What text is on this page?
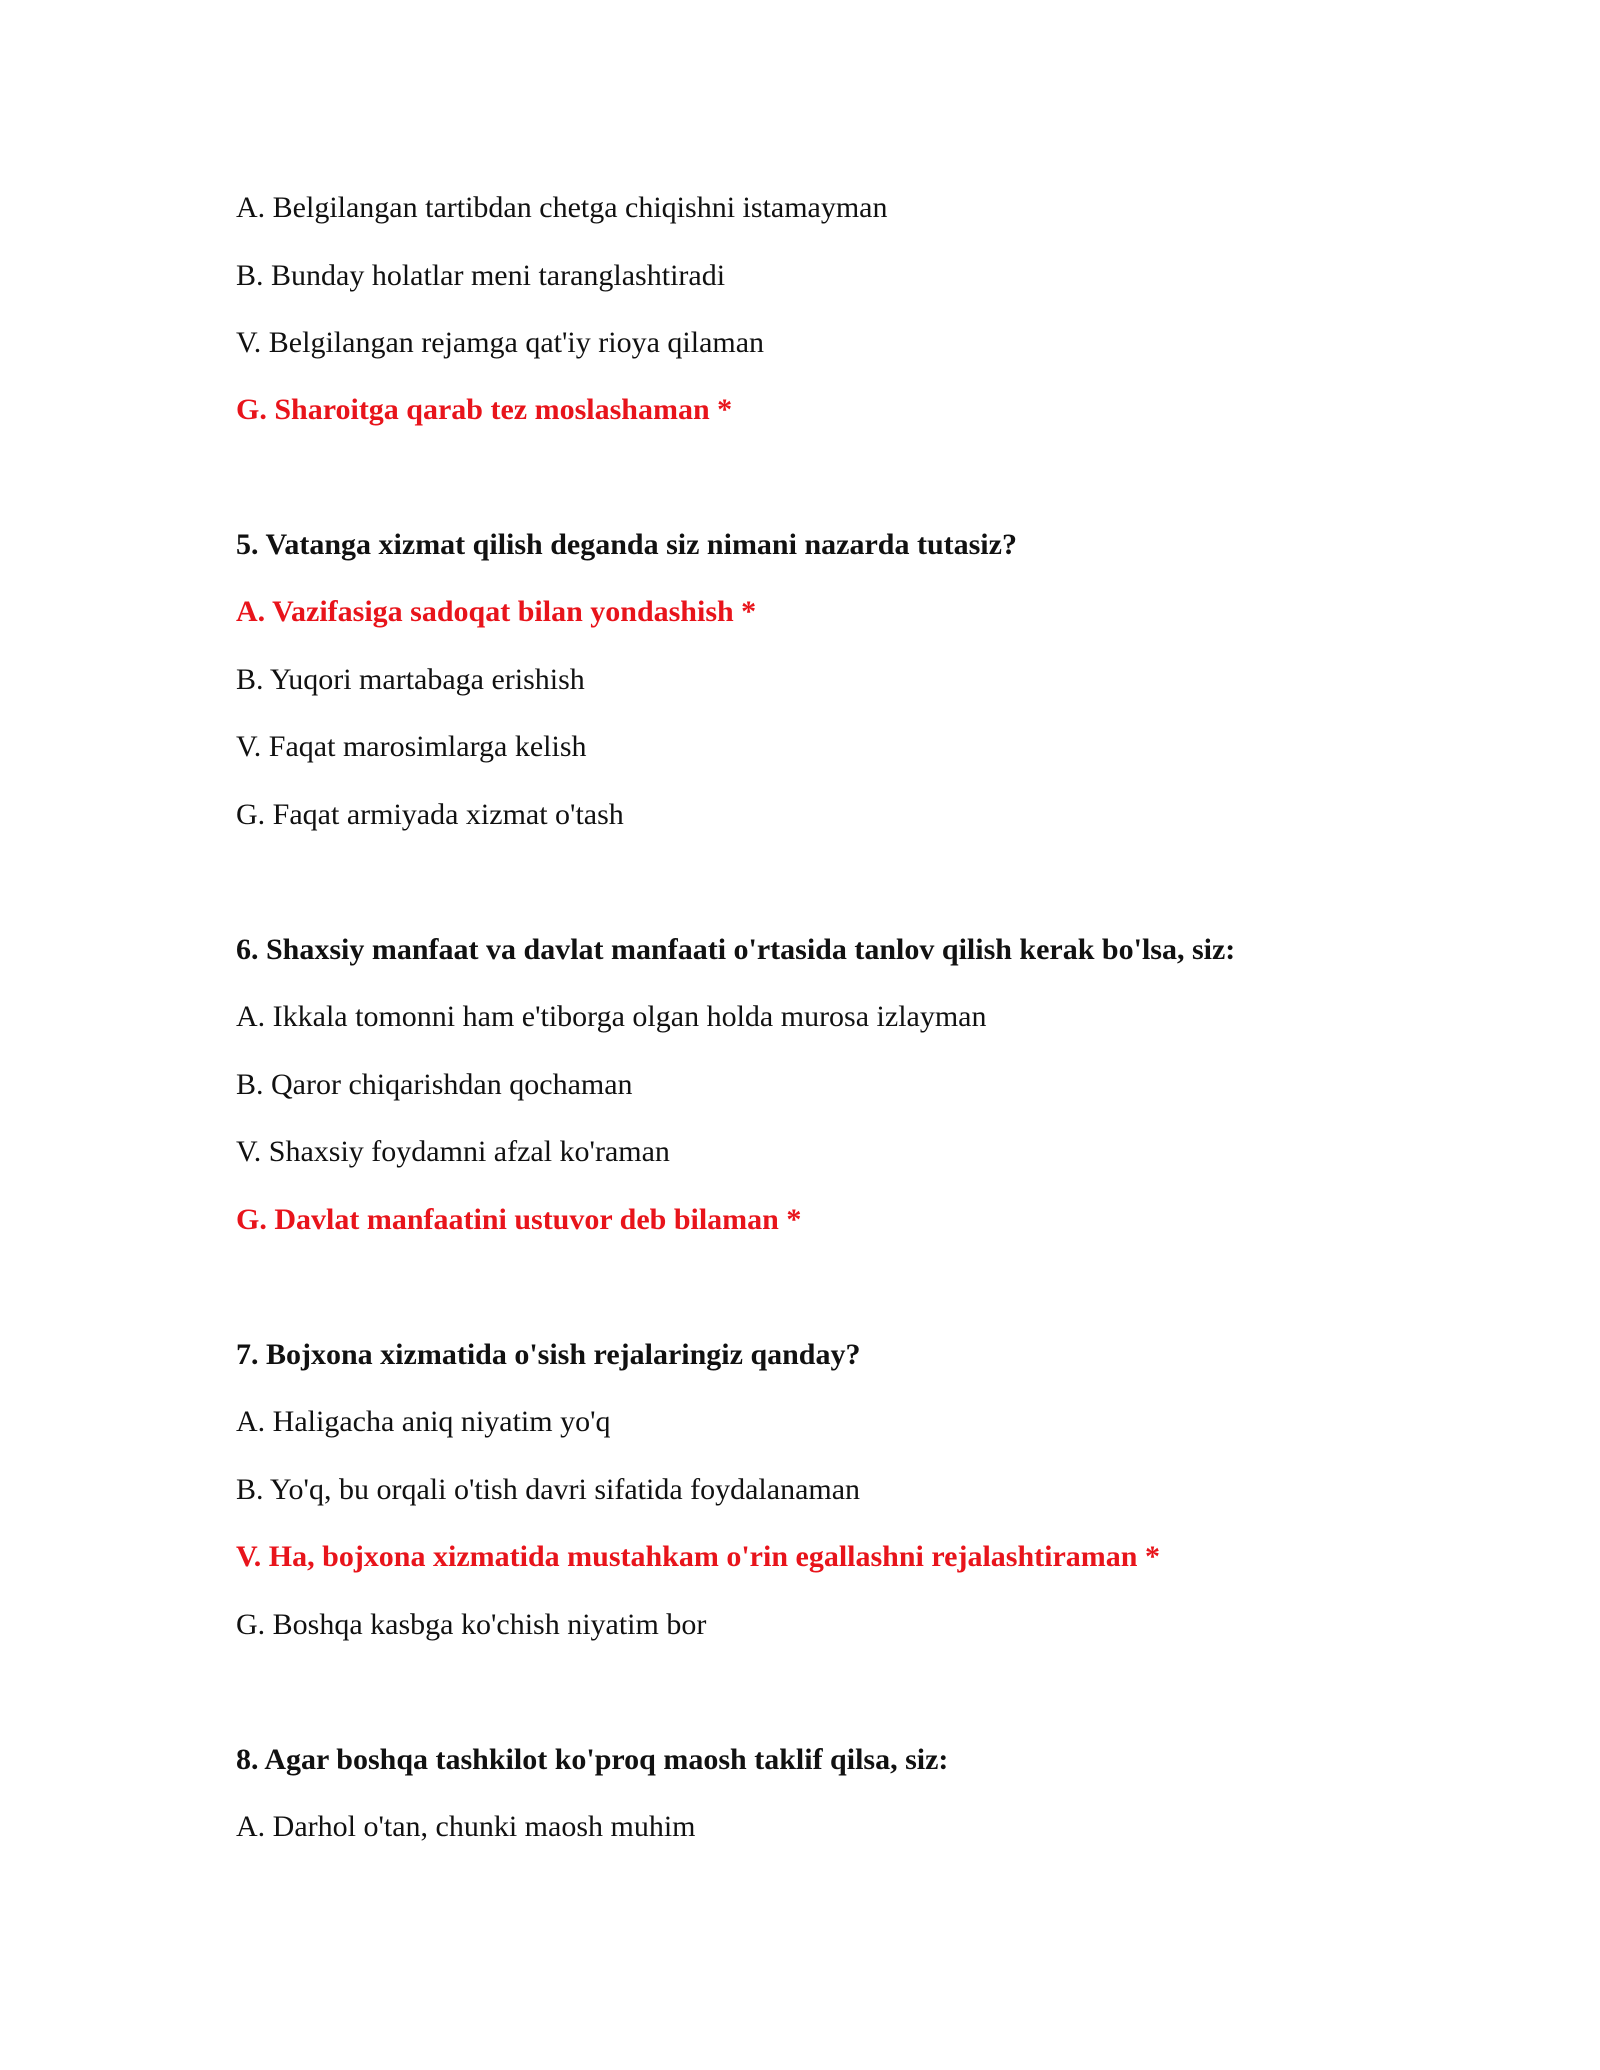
A. Belgilangan tartibdan chetga chiqishni istamayman
B. Bunday holatlar meni taranglashtiradi
V. Belgilangan rejamga qat'iy rioya qilaman
G. Sharoitga qarab tez moslashaman *
5. Vatanga xizmat qilish deganda siz nimani nazarda tutasiz?
A. Vazifasiga sadoqat bilan yondashish *
B. Yuqori martabaga erishish
V. Faqat marosimlarga kelish
G. Faqat armiyada xizmat o'tash
6. Shaxsiy manfaat va davlat manfaati o'rtasida tanlov qilish kerak bo'lsa, siz:
A. Ikkala tomonni ham e'tiborga olgan holda murosa izlayman
B. Qaror chiqarishdan qochaman
V. Shaxsiy foydamni afzal ko'raman
G. Davlat manfaatini ustuvor deb bilaman *
7. Bojxona xizmatida o'sish rejalaringiz qanday?
A. Haligacha aniq niyatim yo'q
B. Yo'q, bu orqali o'tish davri sifatida foydalanaman
V. Ha, bojxona xizmatida mustahkam o'rin egallashni rejalashtiraman *
G. Boshqa kasbga ko'chish niyatim bor
8. Agar boshqa tashkilot ko'proq maosh taklif qilsa, siz:
A. Darhol o'tan, chunki maosh muhim
